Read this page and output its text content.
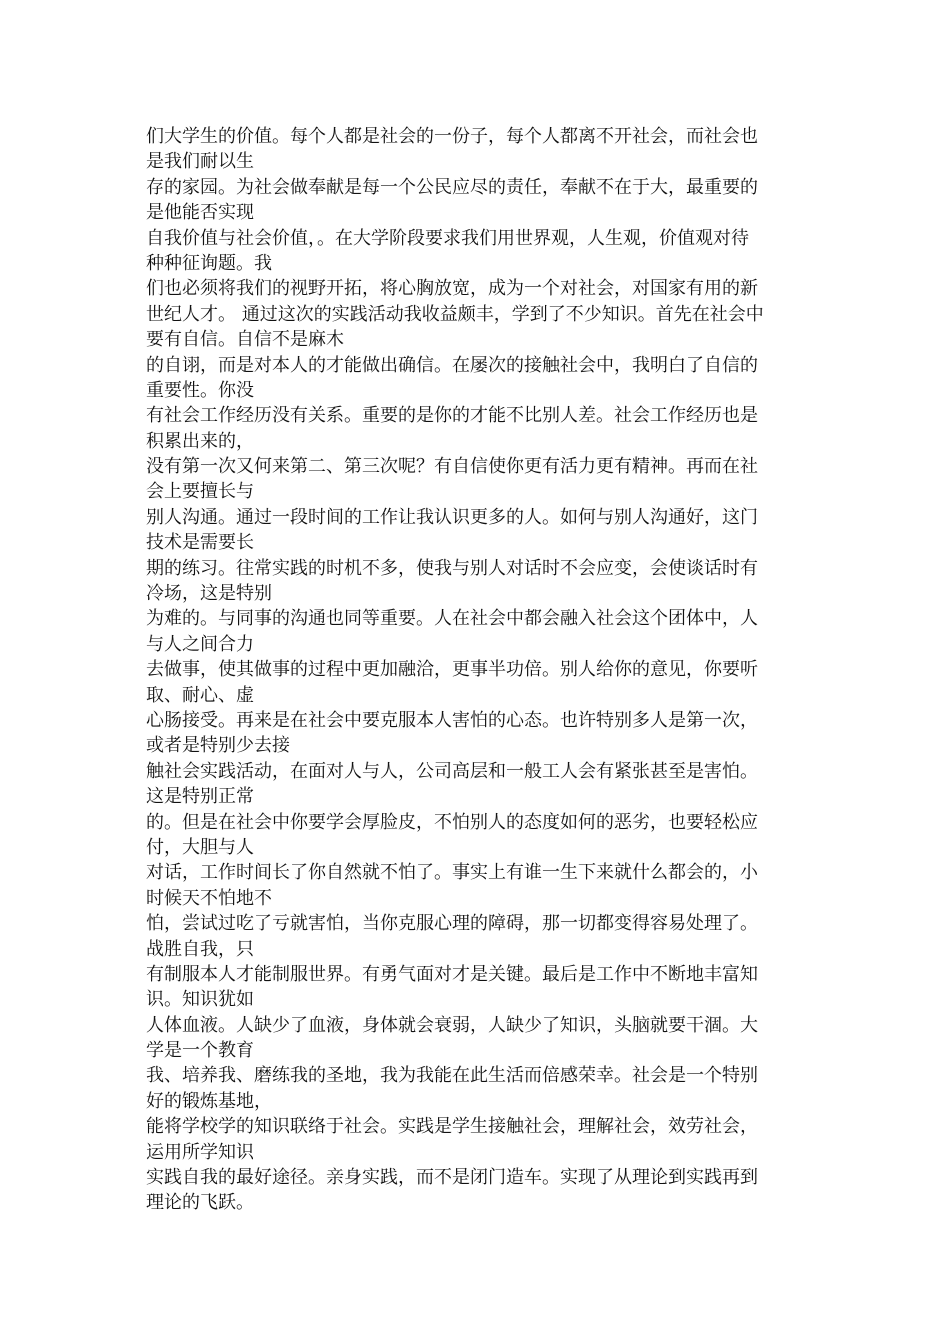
们大学生的价值。每个人都是社会的一份子，每个人都离不开社会，而社会也
是我们耐以生
存的家园。为社会做奉献是每一个公民应尽的责任，奉献不在于大，最重要的
是他能否实现
自我价值与社会价值，。在大学阶段要求我们用世界观，人生观，价值观对待
种种征询题。我
们也必须将我们的视野开拓，将心胸放宽，成为一个对社会，对国家有用的新
世纪人才。 通过这次的实践活动我收益颇丰，学到了不少知识。首先在社会中
要有自信。自信不是麻木
的自诩，而是对本人的才能做出确信。在屡次的接触社会中，我明白了自信的
重要性。你没
有社会工作经历没有关系。重要的是你的才能不比别人差。社会工作经历也是
积累出来的，
没有第一次又何来第二、第三次呢？有自信使你更有活力更有精神。再而在社
会上要擅长与
别人沟通。通过一段时间的工作让我认识更多的人。如何与别人沟通好，这门
技术是需要长
期的练习。往常实践的时机不多，使我与别人对话时不会应变，会使谈话时有
冷场，这是特别
为难的。与同事的沟通也同等重要。人在社会中都会融入社会这个团体中，人
与人之间合力
去做事，使其做事的过程中更加融洽，更事半功倍。别人给你的意见，你要听
取、耐心、虚
心肠接受。再来是在社会中要克服本人害怕的心态。也许特别多人是第一次，
或者是特别少去接
触社会实践活动，在面对人与人，公司高层和一般工人会有紧张甚至是害怕。
这是特别正常
的。但是在社会中你要学会厚脸皮，不怕别人的态度如何的恶劣，也要轻松应
付，大胆与人
对话，工作时间长了你自然就不怕了。事实上有谁一生下来就什么都会的，小
时候天不怕地不
怕，尝试过吃了亏就害怕，当你克服心理的障碍，那一切都变得容易处理了。
战胜自我，只
有制服本人才能制服世界。有勇气面对才是关键。最后是工作中不断地丰富知
识。知识犹如
人体血液。人缺少了血液，身体就会衰弱，人缺少了知识，头脑就要干涸。大
学是一个教育
我、培养我、磨练我的圣地，我为我能在此生活而倍感荣幸。社会是一个特别
好的锻炼基地，
能将学校学的知识联络于社会。实践是学生接触社会，理解社会，效劳社会，
运用所学知识
实践自我的最好途径。亲身实践，而不是闭门造车。实现了从理论到实践再到
理论的飞跃。
